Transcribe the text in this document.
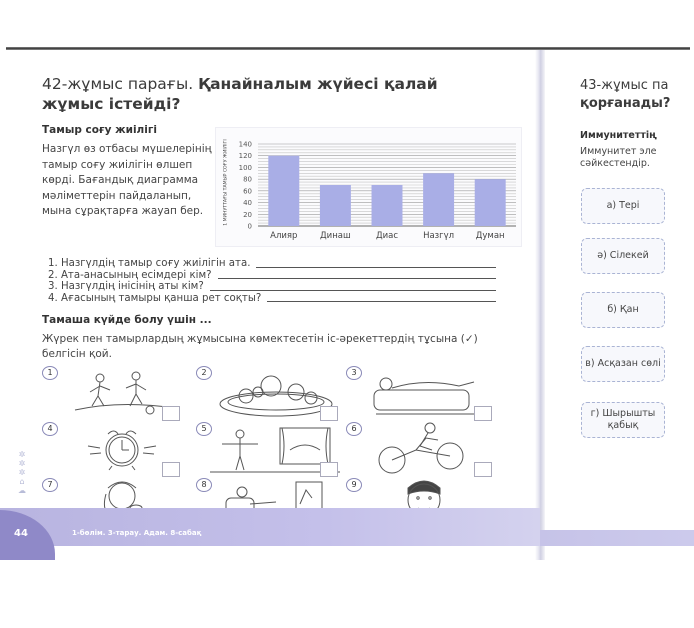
42-жұмыс парағы. Қанайналым жүйесі қалай жұмыс істейді?
Тамыр соғу жиілігі
Назгүл өз отбасы мүшелерінің тамыр соғу жиілігін өлшеп көрді. Бағандық диаграмма мәліметтерін пайдаланып, мына сұрақтарға жауап бер.	1 МИНУТТАҒЫ ТАМЫР СОҒУ ЖИІЛІГІ
0
20
40
60
80
100
120
140
Алияр	Динаш	Диас	Назгүл	Думан
1. Назгүлдің тамыр соғу жиілігін ата.
2. Ата-анасының есімдері кім?
3. Назгүлдің інісінің аты кім?
4. Ағасының тамыры қанша рет соқты?
Тамаша күйде болу үшін ...
Жүрек пен тамырлардың жұмысына көмектесетін іс-әрекеттердің тұсына (✓) белгісін қой.
1	2	3
4	5	6
7	8	9
✲
✲
✲
⌂
☁
44	1-бөлім. 3-тарау. Адам. 8-сабақ
43-жұмыс па
қорғанады?
Иммунитеттің
Иммунитет эле
сәйкестендір.
а) Тері
ә) Сілекей
б) Қан
в) Асқазан сөлі
г) Шырышты қабық
